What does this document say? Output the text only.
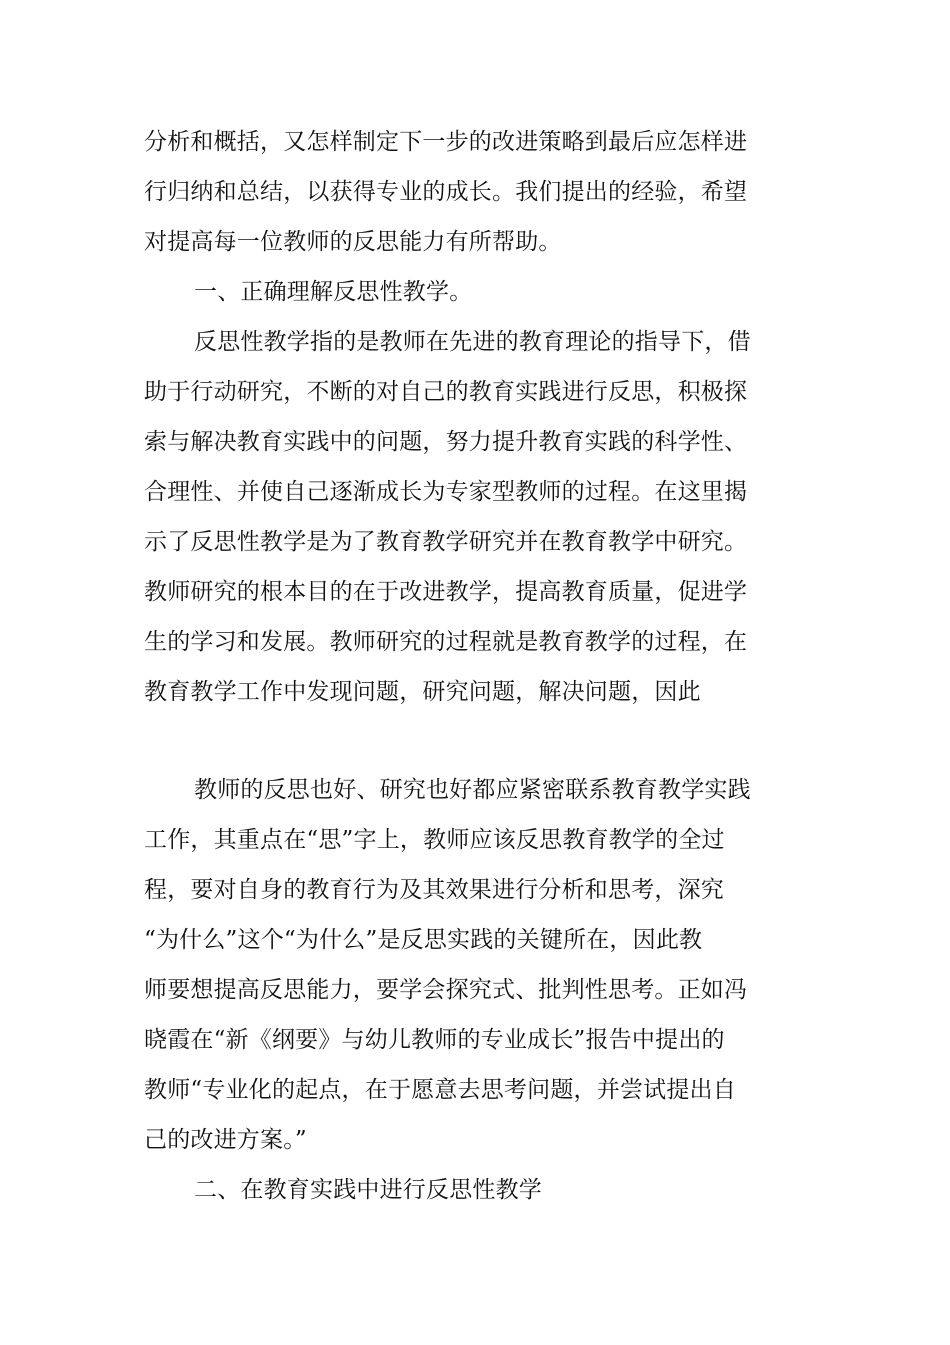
分析和概括，又怎样制定下一步的改进策略到最后应怎样进
行归纳和总结，以获得专业的成长。我们提出的经验，希望
对提高每一位教师的反思能力有所帮助。
一、正确理解反思性教学。
反思性教学指的是教师在先进的教育理论的指导下，借
助于行动研究，不断的对自己的教育实践进行反思，积极探
索与解决教育实践中的问题，努力提升教育实践的科学性、
合理性、并使自己逐渐成长为专家型教师的过程。在这里揭
示了反思性教学是为了教育教学研究并在教育教学中研究。
教师研究的根本目的在于改进教学，提高教育质量，促进学
生的学习和发展。教师研究的过程就是教育教学的过程，在
教育教学工作中发现问题，研究问题，解决问题，因此
教师的反思也好、研究也好都应紧密联系教育教学实践
工作，其重点在“思”字上，教师应该反思教育教学的全过
程，要对自身的教育行为及其效果进行分析和思考，深究
“为什么”这个“为什么”是反思实践的关键所在，因此教
师要想提高反思能力，要学会探究式、批判性思考。正如冯
晓霞在“新《纲要》与幼儿教师的专业成长”报告中提出的
教师“专业化的起点，在于愿意去思考问题，并尝试提出自
己的改进方案。”
二、在教育实践中进行反思性教学
